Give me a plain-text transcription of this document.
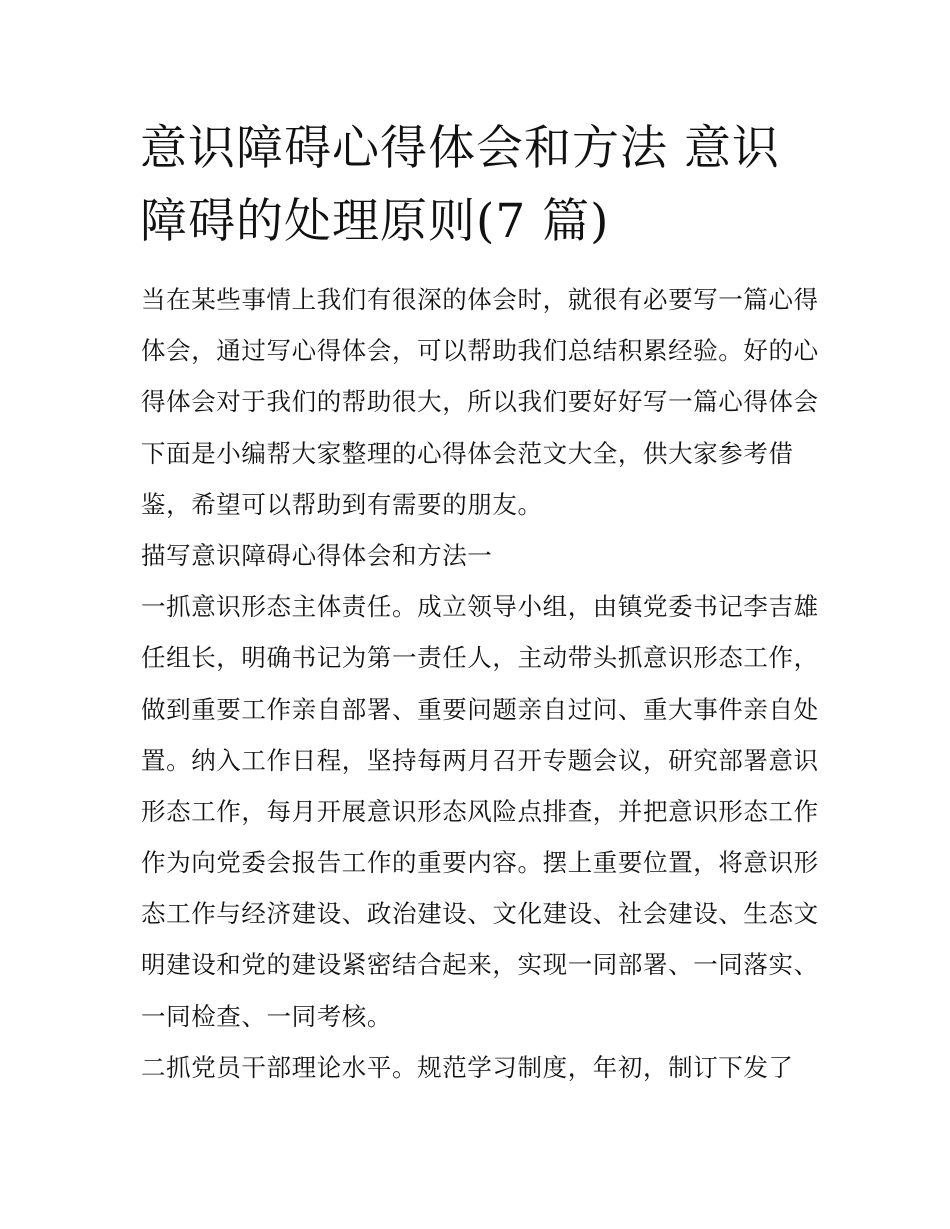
意识障碍心得体会和方法 意识
障碍的处理原则(7 篇)
当在某些事情上我们有很深的体会时，就很有必要写一篇心得
体会，通过写心得体会，可以帮助我们总结积累经验。好的心
得体会对于我们的帮助很大，所以我们要好好写一篇心得体会
下面是小编帮大家整理的心得体会范文大全，供大家参考借
鉴，希望可以帮助到有需要的朋友。
描写意识障碍心得体会和方法一
一抓意识形态主体责任。成立领导小组，由镇党委书记李吉雄
任组长，明确书记为第一责任人，主动带头抓意识形态工作，
做到重要工作亲自部署、重要问题亲自过问、重大事件亲自处
置。纳入工作日程，坚持每两月召开专题会议，研究部署意识
形态工作，每月开展意识形态风险点排查，并把意识形态工作
作为向党委会报告工作的重要内容。摆上重要位置，将意识形
态工作与经济建设、政治建设、文化建设、社会建设、生态文
明建设和党的建设紧密结合起来，实现一同部署、一同落实、
一同检查、一同考核。
二抓党员干部理论水平。规范学习制度，年初，制订下发了
